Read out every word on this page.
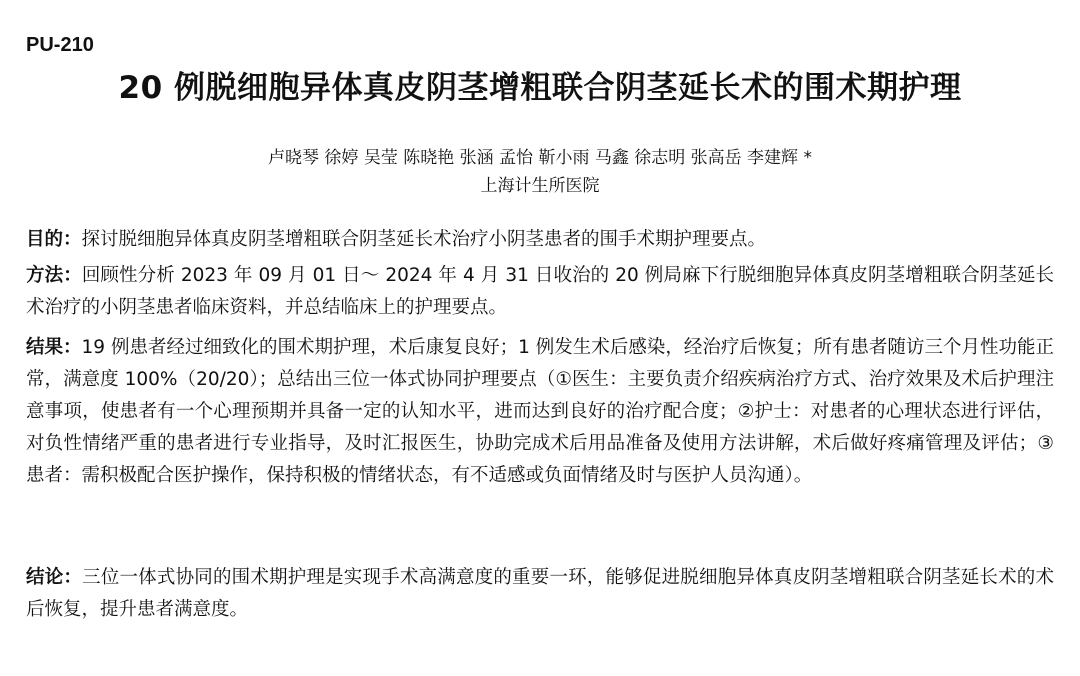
PU-210
20 例脱细胞异体真皮阴茎增粗联合阴茎延长术的围术期护理
卢晓琴 徐婷 吴莹 陈晓艳 张涵 孟怡 靳小雨 马鑫 徐志明 张高岳 李建辉 *
上海计生所医院

目的：探讨脱细胞异体真皮阴茎增粗联合阴茎延长术治疗小阴茎患者的围手术期护理要点。

方法：回顾性分析 2023 年 09 月 01 日～ 2024 年 4 月 31 日收治的 20 例局麻下行脱细胞异体真皮阴茎增粗联合阴茎延长术治疗的小阴茎患者临床资料，并总结临床上的护理要点。

结果：19 例患者经过细致化的围术期护理，术后康复良好；1 例发生术后感染，经治疗后恢复；所有患者随访三个月性功能正常，满意度 100%（20/20）；总结出三位一体式协同护理要点（①医生：主要负责介绍疾病治疗方式、治疗效果及术后护理注意事项，使患者有一个心理预期并具备一定的认知水平，进而达到良好的治疗配合度；②护士：对患者的心理状态进行评估，对负性情绪严重的患者进行专业指导，及时汇报医生，协助完成术后用品准备及使用方法讲解，术后做好疼痛管理及评估；③患者：需积极配合医护操作，保持积极的情绪状态，有不适感或负面情绪及时与医护人员沟通）。

结论：三位一体式协同的围术期护理是实现手术高满意度的重要一环，能够促进脱细胞异体真皮阴茎增粗联合阴茎延长术的术后恢复，提升患者满意度。
